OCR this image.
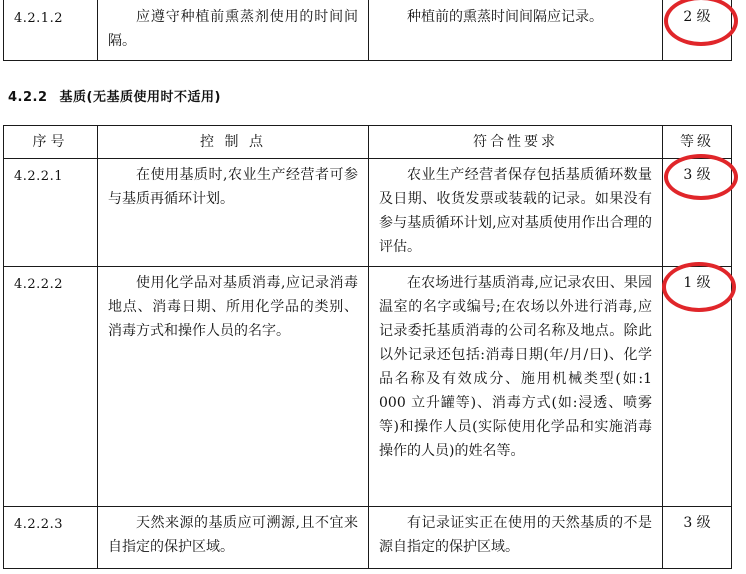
4.2.1.2	应遵守种植前熏蒸剂使用的时间间隔。	种植前的熏蒸时间间隔应记录。	2 级
4.2.2 基质(无基质使用时不适用)
序号	控 制 点	符合性要求	等级
4.2.2.1	在使用基质时,农业生产经营者可参与基质再循环计划。	农业生产经营者保存包括基质循环数量及日期、收货发票或装载的记录。如果没有参与基质循环计划,应对基质使用作出合理的评估。	3 级
4.2.2.2	使用化学品对基质消毒,应记录消毒地点、消毒日期、所用化学品的类别、消毒方式和操作人员的名字。	在农场进行基质消毒,应记录农田、果园温室的名字或编号;在农场以外进行消毒,应记录委托基质消毒的公司名称及地点。除此以外记录还包括:消毒日期(年/月/日)、化学品名称及有效成分、施用机械类型(如:1 000 立升罐等)、消毒方式(如:浸透、喷雾等)和操作人员(实际使用化学品和实施消毒操作的人员)的姓名等。	1 级
4.2.2.3	天然来源的基质应可溯源,且不宜来自指定的保护区域。	有记录证实正在使用的天然基质的不是源自指定的保护区域。	3 级
